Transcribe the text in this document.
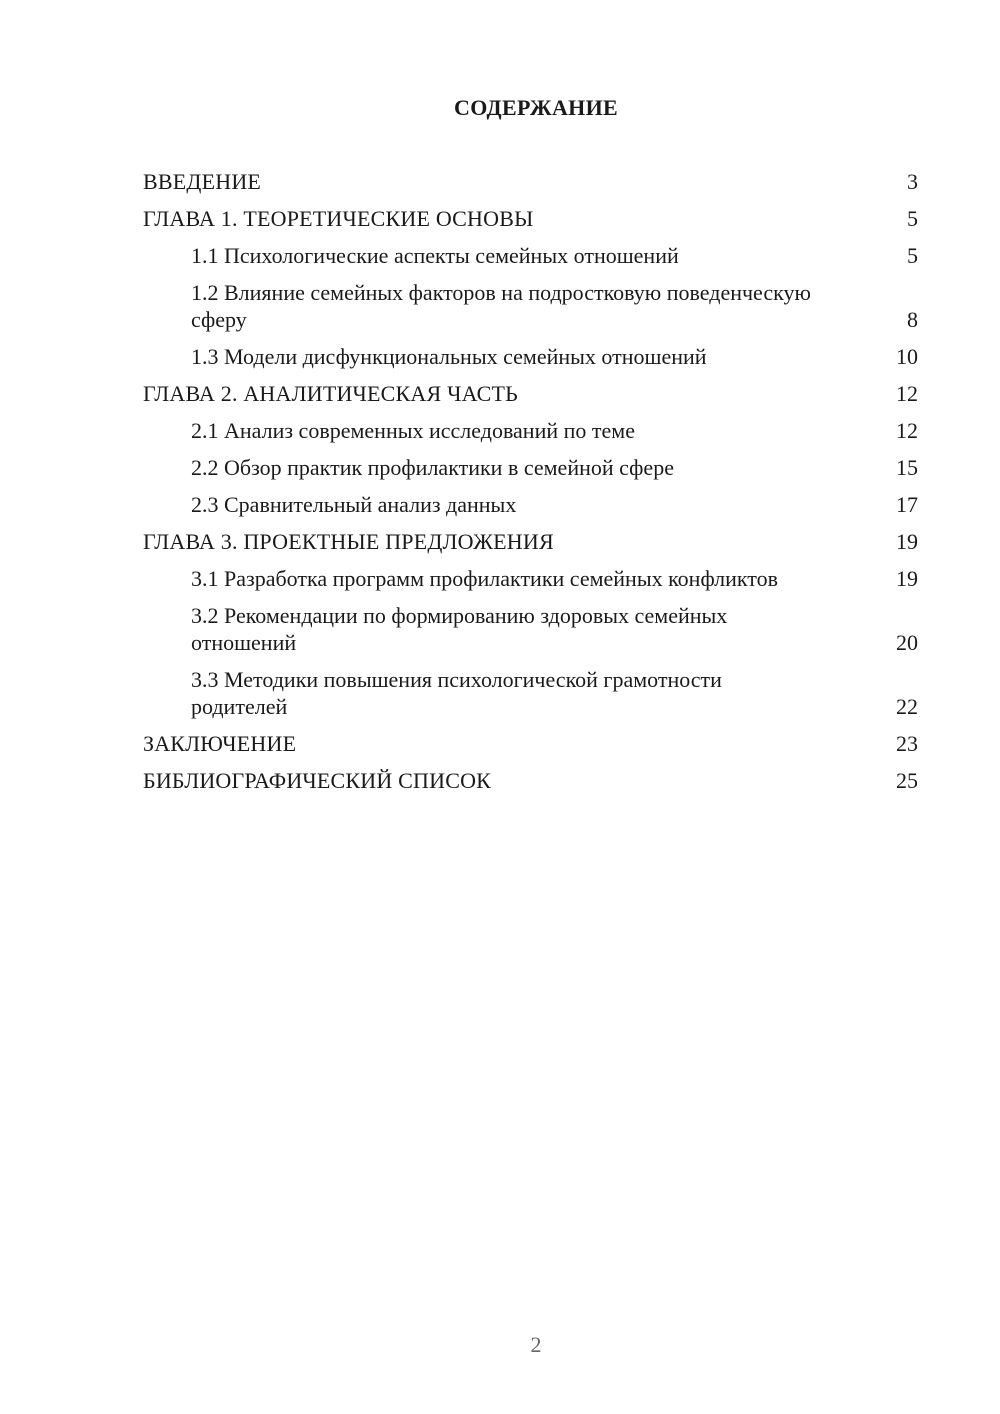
СОДЕРЖАНИЕ
ВВЕДЕНИЕ	3
ГЛАВА 1. ТЕОРЕТИЧЕСКИЕ ОСНОВЫ	5
1.1 Психологические аспекты семейных отношений	5
1.2 Влияние семейных факторов на подростковую поведенческую сферу	8
1.3 Модели дисфункциональных семейных отношений	10
ГЛАВА 2. АНАЛИТИЧЕСКАЯ ЧАСТЬ	12
2.1 Анализ современных исследований по теме	12
2.2 Обзор практик профилактики в семейной сфере	15
2.3 Сравнительный анализ данных	17
ГЛАВА 3. ПРОЕКТНЫЕ ПРЕДЛОЖЕНИЯ	19
3.1 Разработка программ профилактики семейных конфликтов	19
3.2 Рекомендации по формированию здоровых семейных отношений	20
3.3 Методики повышения психологической грамотности родителей	22
ЗАКЛЮЧЕНИЕ	23
БИБЛИОГРАФИЧЕСКИЙ СПИСОК	25
2
